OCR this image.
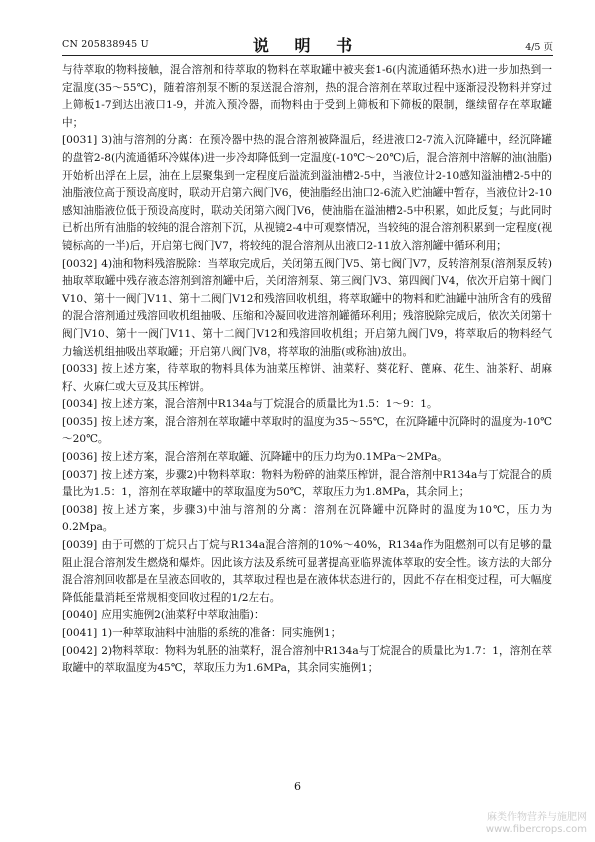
CN 205838945 U	说 明 书	4/5 页

与待萃取的物料接触，混合溶剂和待萃取的物料在萃取罐中被夹套1-6(内流通循环热水)进一步加热到一定温度(35～55℃)，随着溶剂泵不断的泵送混合溶剂，热的混合溶剂在萃取过程中逐渐浸没物料并穿过上筛板1-7到达出液口1-9，并流入预冷器，而物料由于受到上筛板和下筛板的限制，继续留存在萃取罐中；

[0031] 3)油与溶剂的分离：在预冷器中热的混合溶剂被降温后，经进液口2-7流入沉降罐中，经沉降罐的盘管2-8(内流通循环冷媒体)进一步冷却降低到一定温度(-10℃～20℃)后，混合溶剂中溶解的油(油脂)开始析出浮在上层，油在上层聚集到一定程度后溢流到溢油槽2-5中，当液位计2-10感知溢油槽2-5中的油脂液位高于预设高度时，联动开启第六阀门V6，使油脂经出油口2-6流入贮油罐中暂存，当液位计2-10感知油脂液位低于预设高度时，联动关闭第六阀门V6，使油脂在溢油槽2-5中积累，如此反复；与此同时已析出所有油脂的较纯的混合溶剂下沉，从视镜2-4中可观察情况，当较纯的混合溶剂积累到一定程度(视镜标高的一半)后，开启第七阀门V7，将较纯的混合溶剂从出液口2-11放入溶剂罐中循环利用；

[0032] 4)油和物料残溶脱除：当萃取完成后，关闭第五阀门V5、第七阀门V7，反转溶剂泵(溶剂泵反转)抽取萃取罐中残存液态溶剂到溶剂罐中后，关闭溶剂泵、第三阀门V3、第四阀门V4，依次开启第十阀门V10、第十一阀门V11、第十二阀门V12和残溶回收机组，将萃取罐中的物料和贮油罐中油所含有的残留的混合溶剂通过残溶回收机组抽吸、压缩和冷凝回收进溶剂罐循环利用；残溶脱除完成后，依次关闭第十阀门V10、第十一阀门V11、第十二阀门V12和残溶回收机组；开启第九阀门V9，将萃取后的物料经气力输送机组抽吸出萃取罐；开启第八阀门V8，将萃取的油脂(或称油)放出。

[0033] 按上述方案，待萃取的物料具体为油菜压榨饼、油菜籽、葵花籽、蓖麻、花生、油茶籽、胡麻籽、火麻仁或大豆及其压榨饼。

[0034] 按上述方案，混合溶剂中R134a与丁烷混合的质量比为1.5：1～9：1。

[0035] 按上述方案，混合溶剂在萃取罐中萃取时的温度为35～55℃，在沉降罐中沉降时的温度为-10℃～20℃。

[0036] 按上述方案，混合溶剂在萃取罐、沉降罐中的压力均为0.1MPa～2MPa。

[0037] 按上述方案，步骤2)中物料萃取：物料为粉碎的油菜压榨饼，混合溶剂中R134a与丁烷混合的质量比为1.5：1，溶剂在萃取罐中的萃取温度为50℃，萃取压力为1.8MPa，其余同上；

[0038] 按上述方案，步骤3)中油与溶剂的分离：溶剂在沉降罐中沉降时的温度为10℃，压力为0.2Mpa。

[0039] 由于可燃的丁烷只占丁烷与R134a混合溶剂的10%～40%，R134a作为阻燃剂可以有足够的量阻止混合溶剂发生燃烧和爆炸。因此该方法及系统可显著提高亚临界流体萃取的安全性。该方法的大部分混合溶剂回收都是在呈液态回收的，其萃取过程也是在液体状态进行的，因此不存在相变过程，可大幅度降低能量消耗至常规相变回收过程的1/2左右。

[0040] 应用实施例2(油菜籽中萃取油脂)：

[0041] 1)一种萃取油料中油脂的系统的准备：同实施例1；

[0042] 2)物料萃取：物料为轧胚的油菜籽，混合溶剂中R134a与丁烷混合的质量比为1.7：1，溶剂在萃取罐中的萃取温度为45℃，萃取压力为1.6MPa，其余同实施例1；

6
麻类作物营养与施肥网
www.fibercrops.com
